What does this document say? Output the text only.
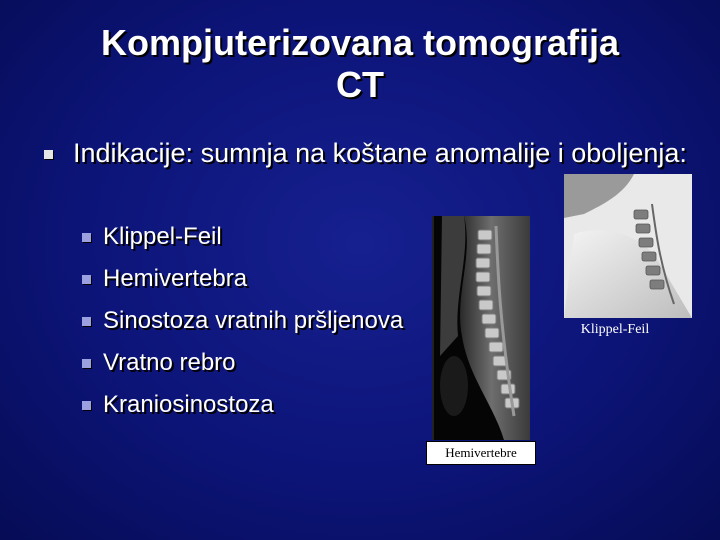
Kompjuterizovana tomografija
CT
Indikacije: sumnja na koštane anomalije i oboljenja:
Klippel-Feil
Hemivertebra
Sinostoza vratnih pršljenova
Vratno rebro
Kraniosinostoza
Hemivertebre
Klippel-Feil
